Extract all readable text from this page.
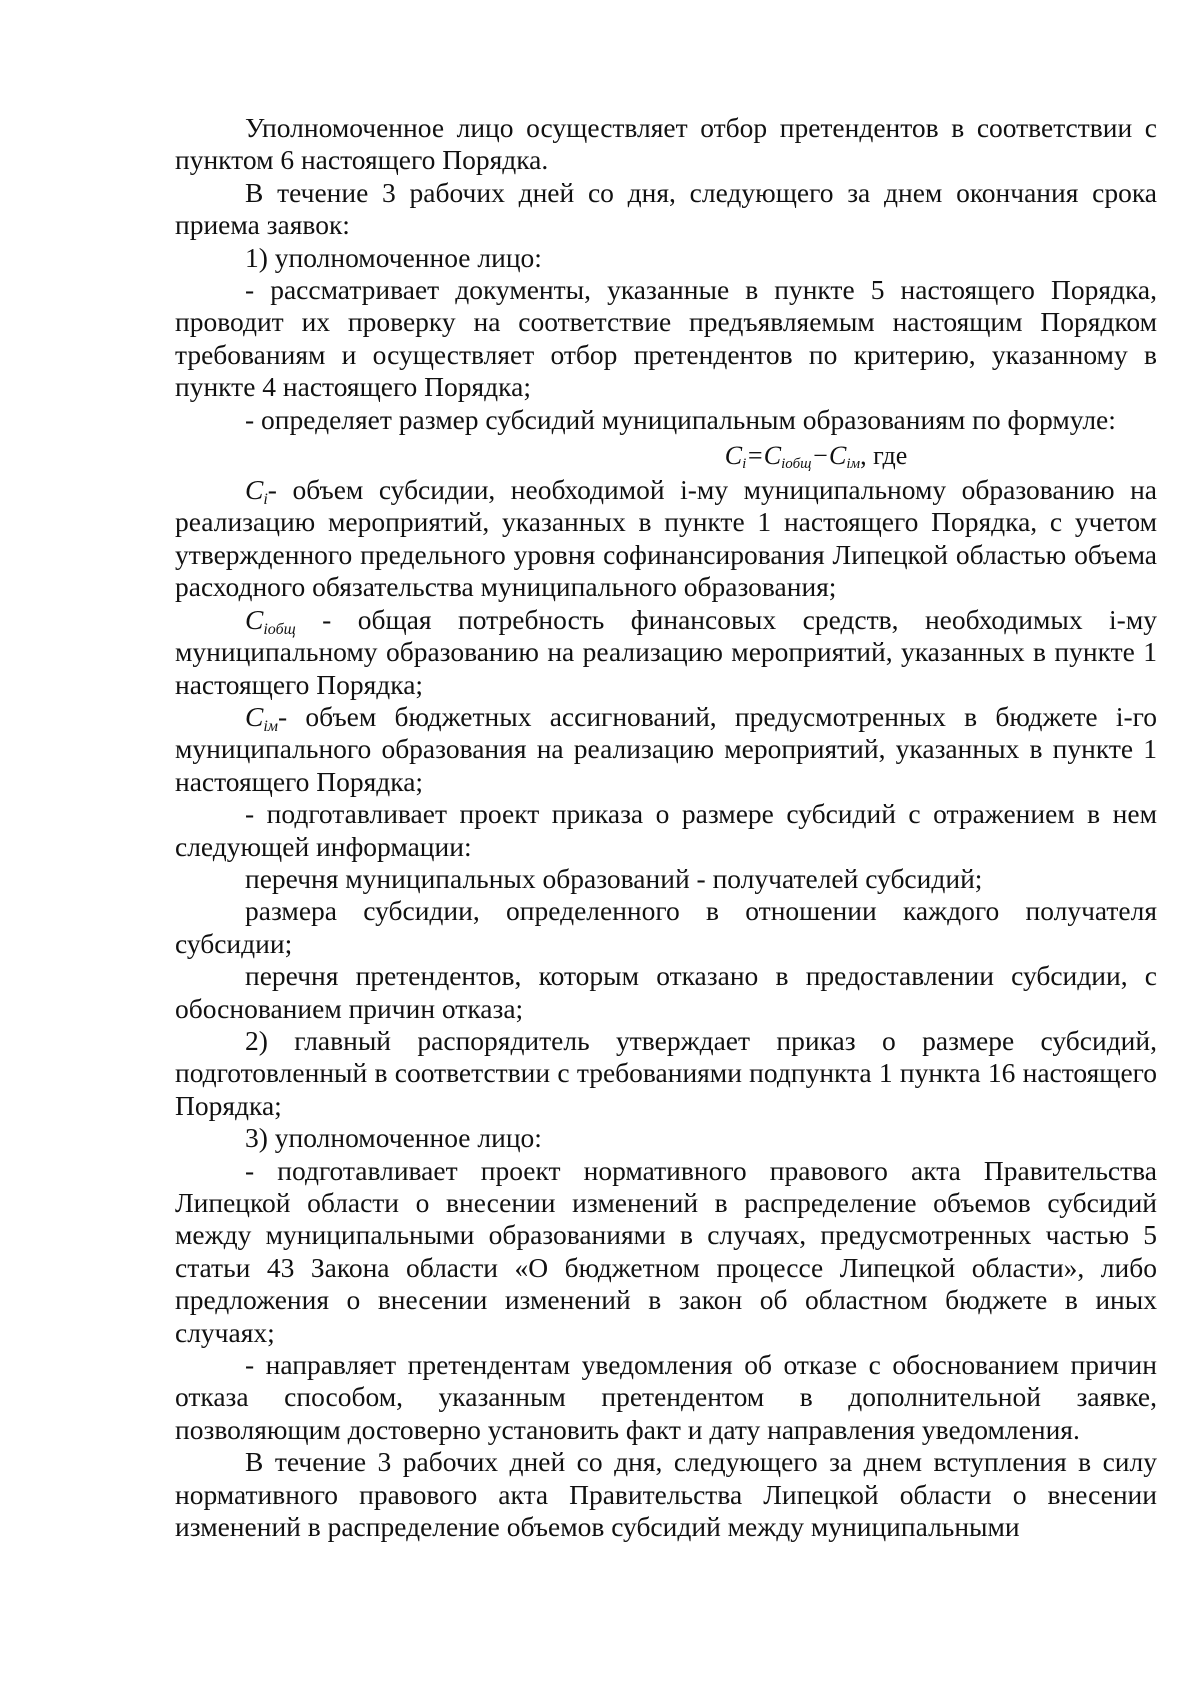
Уполномоченное лицо осуществляет отбор претендентов в соответствии с пунктом 6 настоящего Порядка.

В течение 3 рабочих дней со дня, следующего за днем окончания срока приема заявок:

1) уполномоченное лицо:

- рассматривает документы, указанные в пункте 5 настоящего Порядка, проводит их проверку на соответствие предъявляемым настоящим Порядком требованиям и осуществляет отбор претендентов по критерию, указанному в пункте 4 настоящего Порядка;

- определяет размер субсидий муниципальным образованиям по формуле:

$C_i=C_{iобщ}-C_{iм}$, где

$C_i-$ объем субсидии, необходимой i-му муниципальному образованию на реализацию мероприятий, указанных в пункте 1 настоящего Порядка, с учетом утвержденного предельного уровня софинансирования Липецкой областью объема расходного обязательства муниципального образования;

$C_{iобщ}$ - общая потребность финансовых средств, необходимых i-му муниципальному образованию на реализацию мероприятий, указанных в пункте 1 настоящего Порядка;

$C_{iм}-$ объем бюджетных ассигнований, предусмотренных в бюджете i-го муниципального образования на реализацию мероприятий, указанных в пункте 1 настоящего Порядка;

- подготавливает проект приказа о размере субсидий с отражением в нем следующей информации:

перечня муниципальных образований - получателей субсидий;

размера субсидии, определенного в отношении каждого получателя субсидии;

перечня претендентов, которым отказано в предоставлении субсидии, с обоснованием причин отказа;

2) главный распорядитель утверждает приказ о размере субсидий, подготовленный в соответствии с требованиями подпункта 1 пункта 16 настоящего Порядка;

3) уполномоченное лицо:

- подготавливает проект нормативного правового акта Правительства Липецкой области о внесении изменений в распределение объемов субсидий между муниципальными образованиями в случаях, предусмотренных частью 5 статьи 43 Закона области «О бюджетном процессе Липецкой области», либо предложения о внесении изменений в закон об областном бюджете в иных случаях;

- направляет претендентам уведомления об отказе с обоснованием причин отказа способом, указанным претендентом в дополнительной заявке, позволяющим достоверно установить факт и дату направления уведомления.

В течение 3 рабочих дней со дня, следующего за днем вступления в силу нормативного правового акта Правительства Липецкой области о внесении изменений в распределение объемов субсидий между муниципальными
